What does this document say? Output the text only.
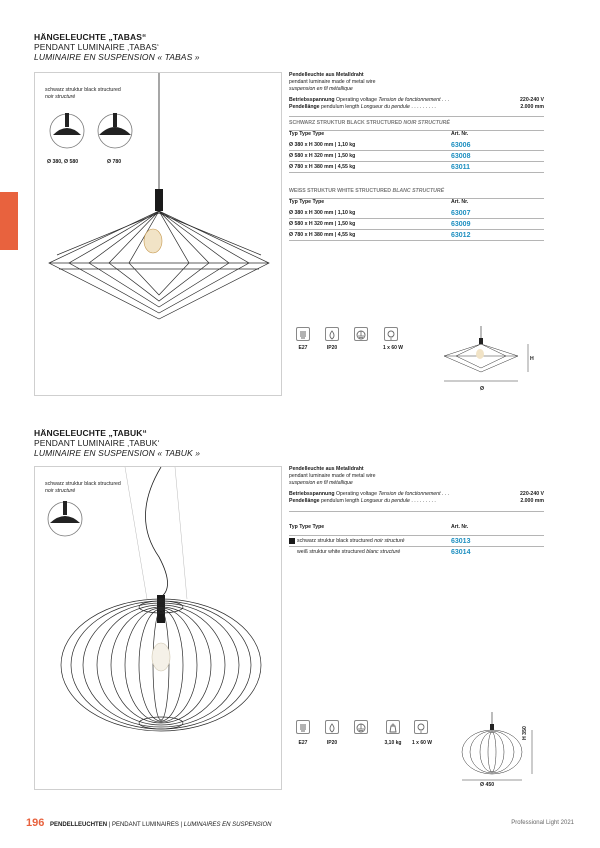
HÄNGELEUCHTE „TABAS“
PENDANT LUMINAIRE ‚TABAS‘
LUMINAIRE EN SUSPENSION « TABAS »
schwarz struktur black structured
noir structuré
Ø 380, Ø 580	Ø 780
Pendelleuchte aus Metalldraht
pendant luminaire made of metal wire
suspension en fil métallique
Betriebsspannung Operating voltage Tension de fonctionnement . . .	220-240 V
Pendellänge pendulum length Longueur du pendule . . . . . . . . .	2.000 mm
SCHWARZ STRUKTUR BLACK STRUCTURED NOIR STRUCTURÉ
Typ Type Type	Art. Nr.
Ø 380 x H 300 mm | 1,10 kg	63006
Ø 580 x H 320 mm | 1,50 kg	63008
Ø 780 x H 380 mm | 4,55 kg	63011
WEISS STRUKTUR WHITE STRUCTURED BLANC STRUCTURÉ
Typ Type Type	Art. Nr.
Ø 380 x H 300 mm | 1,10 kg	63007
Ø 580 x H 320 mm | 1,50 kg	63009
Ø 780 x H 380 mm | 4,55 kg	63012
E27	IP20	1 x 60 W
H
Ø
HÄNGELEUCHTE „TABUK“
PENDANT LUMINAIRE ‚TABUK‘
LUMINAIRE EN SUSPENSION « TABUK »
schwarz struktur black structured
noir structuré
Pendelleuchte aus Metalldraht
pendant luminaire made of metal wire
suspension en fil métallique
Betriebsspannung Operating voltage Tension de fonctionnement . . .	220-240 V
Pendellänge pendulum length Longueur du pendule . . . . . . . . .	2.000 mm
Typ Type Type	Art. Nr.
schwarz struktur black structured noir structuré	63013
weiß struktur white structured blanc structuré	63014
E27	IP20	3,10 kg	1 x 60 W
H 350
Ø 450
196 PENDELLEUCHTEN | PENDANT LUMINAIRES | LUMINAIRES EN SUSPENSION	Professional Light 2021
